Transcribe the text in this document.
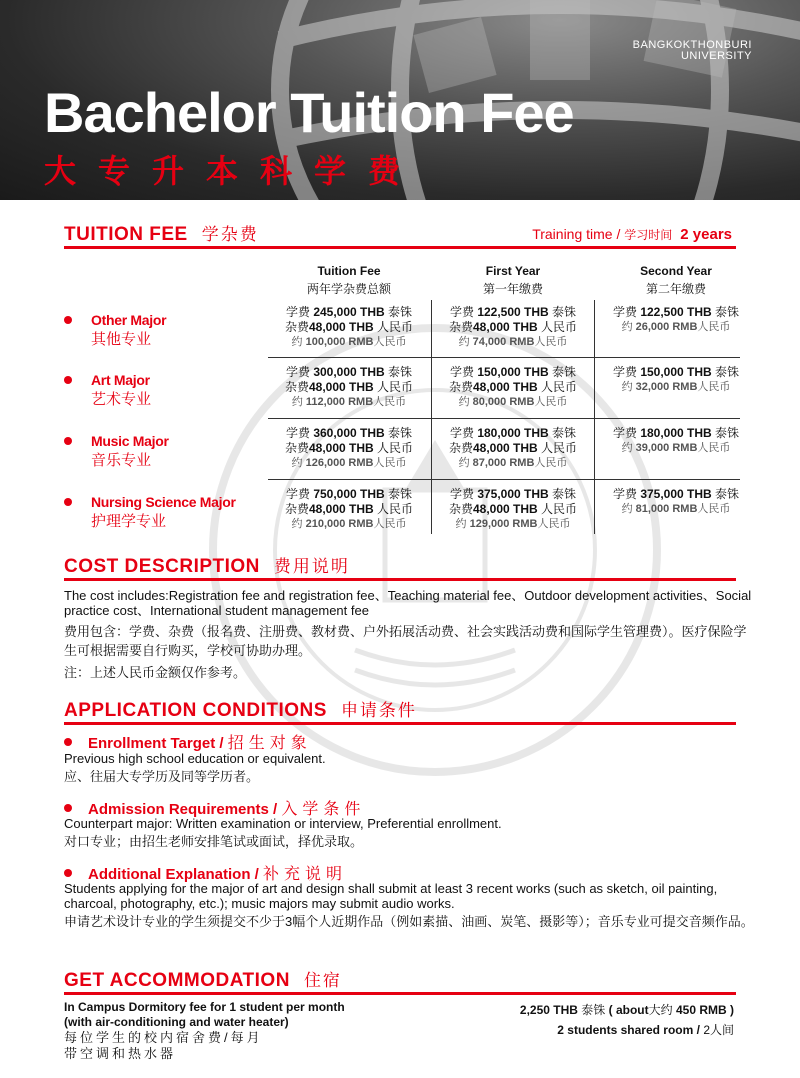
BANGKOKTHONBURI
UNIVERSITY
Bachelor Tuition Fee
大专升本科学费
TUITION FEE 学杂费	Training time / 学习时间 2 years
Tuition Fee
两年学杂费总额
First Year
第一年缴费
Second Year
第二年缴费
Other Major
其他专业
学费 245,000 THB 泰铢
杂费48,000 THB 人民币
约 100,000 RMB人民币
学费 122,500 THB 泰铢
杂费48,000 THB 人民币
约 74,000 RMB人民币
学费 122,500 THB 泰铢
约 26,000 RMB人民币
Art Major
艺术专业
学费 300,000 THB 泰铢
杂费48,000 THB 人民币
约 112,000 RMB人民币
学费 150,000 THB 泰铢
杂费48,000 THB 人民币
约 80,000 RMB人民币
学费 150,000 THB 泰铢
约 32,000 RMB人民币
Music Major
音乐专业
学费 360,000 THB 泰铢
杂费48,000 THB 人民币
约 126,000 RMB人民币
学费 180,000 THB 泰铢
杂费48,000 THB 人民币
约 87,000 RMB人民币
学费 180,000 THB 泰铢
约 39,000 RMB人民币
Nursing Science Major
护理学专业
学费 750,000 THB 泰铢
杂费48,000 THB 人民币
约 210,000 RMB人民币
学费 375,000 THB 泰铢
杂费48,000 THB 人民币
约 129,000 RMB人民币
学费 375,000 THB 泰铢
约 81,000 RMB人民币
COST DESCRIPTION 费用说明
The cost includes:Registration fee and registration fee、Teaching material fee、Outdoor development activities、Social practice cost、International student management fee
费用包含：学费、杂费（报名费、注册费、教材费、户外拓展活动费、社会实践活动费和国际学生管理费）。医疗保险学生可根据需要自行购买，学校可协助办理。
注：上述人民币金额仅作参考。
APPLICATION CONDITIONS 申请条件
Enrollment Target / 招生对象
Previous high school education or equivalent.
应、往届大专学历及同等学历者。
Admission Requirements / 入学条件
Counterpart major: Written examination or interview, Preferential enrollment.
对口专业；由招生老师安排笔试或面试，择优录取。
Additional Explanation / 补充说明
Students applying for the major of art and design shall submit at least 3 recent works (such as sketch, oil painting, charcoal, photography, etc.); music majors may submit audio works.
申请艺术设计专业的学生须提交不少于3幅个人近期作品（例如素描、油画、炭笔、摄影等）；音乐专业可提交音频作品。
GET ACCOMMODATION 住宿
In Campus Dormitory fee for 1 student per month
(with air-conditioning and water heater)
每位学生的校内宿舍费/每月
带空调和热水器
2,250 THB 泰铢 ( about大约 450 RMB )
2 students shared room / 2人间
